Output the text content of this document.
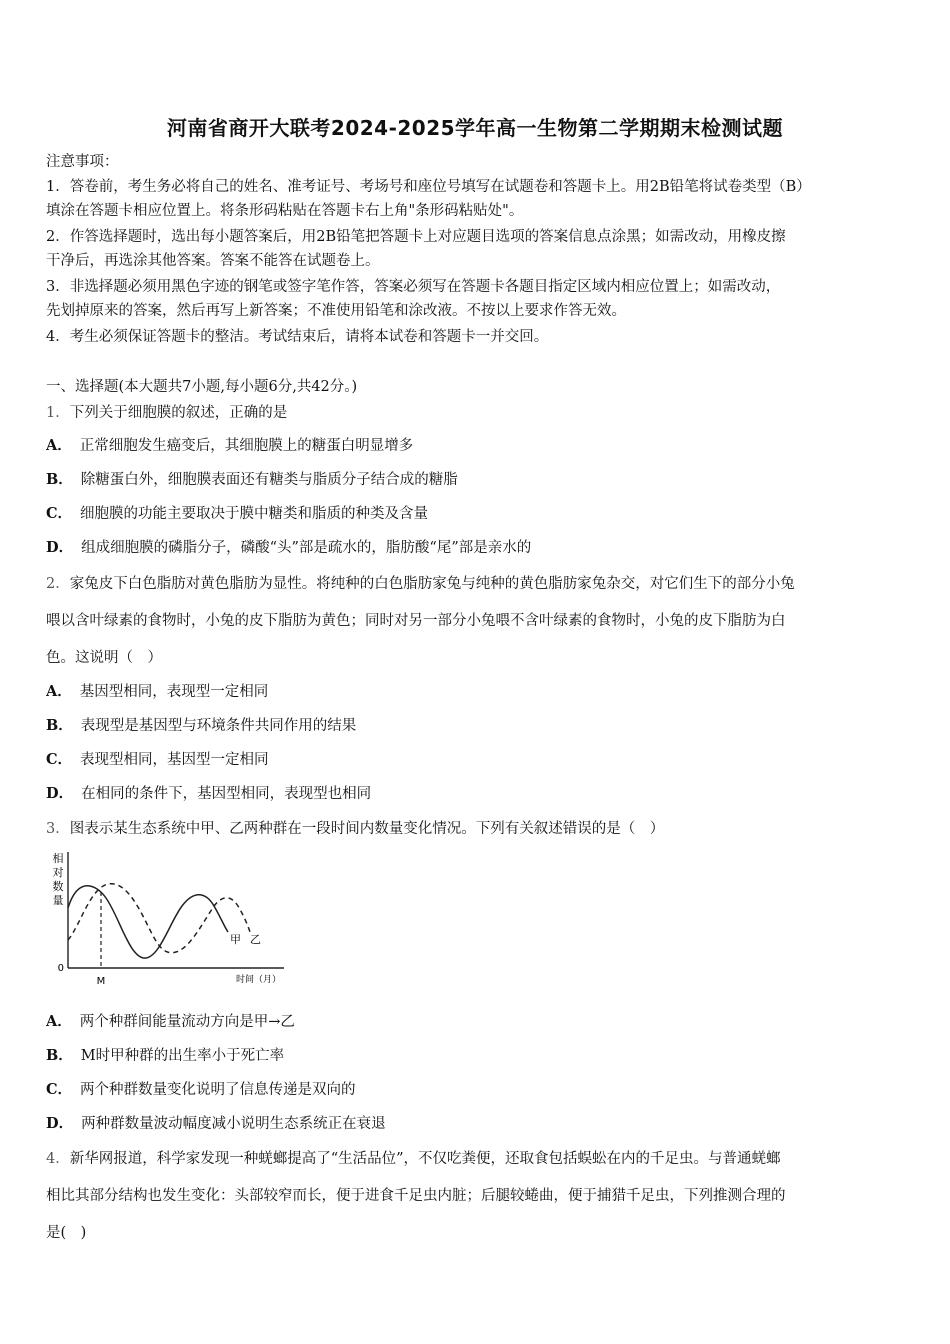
河南省商开大联考2024-2025学年高一生物第二学期期末检测试题
注意事项：
1．答卷前，考生务必将自己的姓名、准考证号、考场号和座位号填写在试题卷和答题卡上。用2B铅笔将试卷类型（B）
填涂在答题卡相应位置上。将条形码粘贴在答题卡右上角"条形码粘贴处"。
2．作答选择题时，选出每小题答案后，用2B铅笔把答题卡上对应题目选项的答案信息点涂黑；如需改动，用橡皮擦
干净后，再选涂其他答案。答案不能答在试题卷上。
3．非选择题必须用黑色字迹的钢笔或签字笔作答，答案必须写在答题卡各题目指定区域内相应位置上；如需改动，
先划掉原来的答案，然后再写上新答案；不准使用铅笔和涂改液。不按以上要求作答无效。
4．考生必须保证答题卡的整洁。考试结束后，请将本试卷和答题卡一并交回。
一、选择题(本大题共7小题,每小题6分,共42分。)
1．下列关于细胞膜的叙述，正确的是
A． 正常细胞发生癌变后，其细胞膜上的糖蛋白明显增多
B． 除糖蛋白外，细胞膜表面还有糖类与脂质分子结合成的糖脂
C． 细胞膜的功能主要取决于膜中糖类和脂质的种类及含量
D． 组成细胞膜的磷脂分子，磷酸“头”部是疏水的，脂肪酸“尾”部是亲水的
2．家兔皮下白色脂肪对黄色脂肪为显性。将纯种的白色脂肪家兔与纯种的黄色脂肪家兔杂交，对它们生下的部分小兔
喂以含叶绿素的食物时，小兔的皮下脂肪为黄色；同时对另一部分小兔喂不含叶绿素的食物时，小兔的皮下脂肪为白
色。这说明（　）
A． 基因型相同，表现型一定相同
B． 表现型是基因型与环境条件共同作用的结果
C． 表现型相同，基因型一定相同
D． 在相同的条件下，基因型相同，表现型也相同
3．图表示某生态系统中甲、乙两种群在一段时间内数量变化情况。下列有关叙述错误的是（　）
相
对
数
量
0
M
甲 乙
时间（月）
A． 两个种群间能量流动方向是甲→乙
B． M时甲种群的出生率小于死亡率
C． 两个种群数量变化说明了信息传递是双向的
D． 两种群数量波动幅度减小说明生态系统正在衰退
4．新华网报道，科学家发现一种蜣螂提高了“生活品位”，不仅吃粪便，还取食包括蜈蚣在内的千足虫。与普通蜣螂
相比其部分结构也发生变化：头部较窄而长，便于进食千足虫内脏；后腿较蜷曲，便于捕猎千足虫，下列推测合理的
是(　)
